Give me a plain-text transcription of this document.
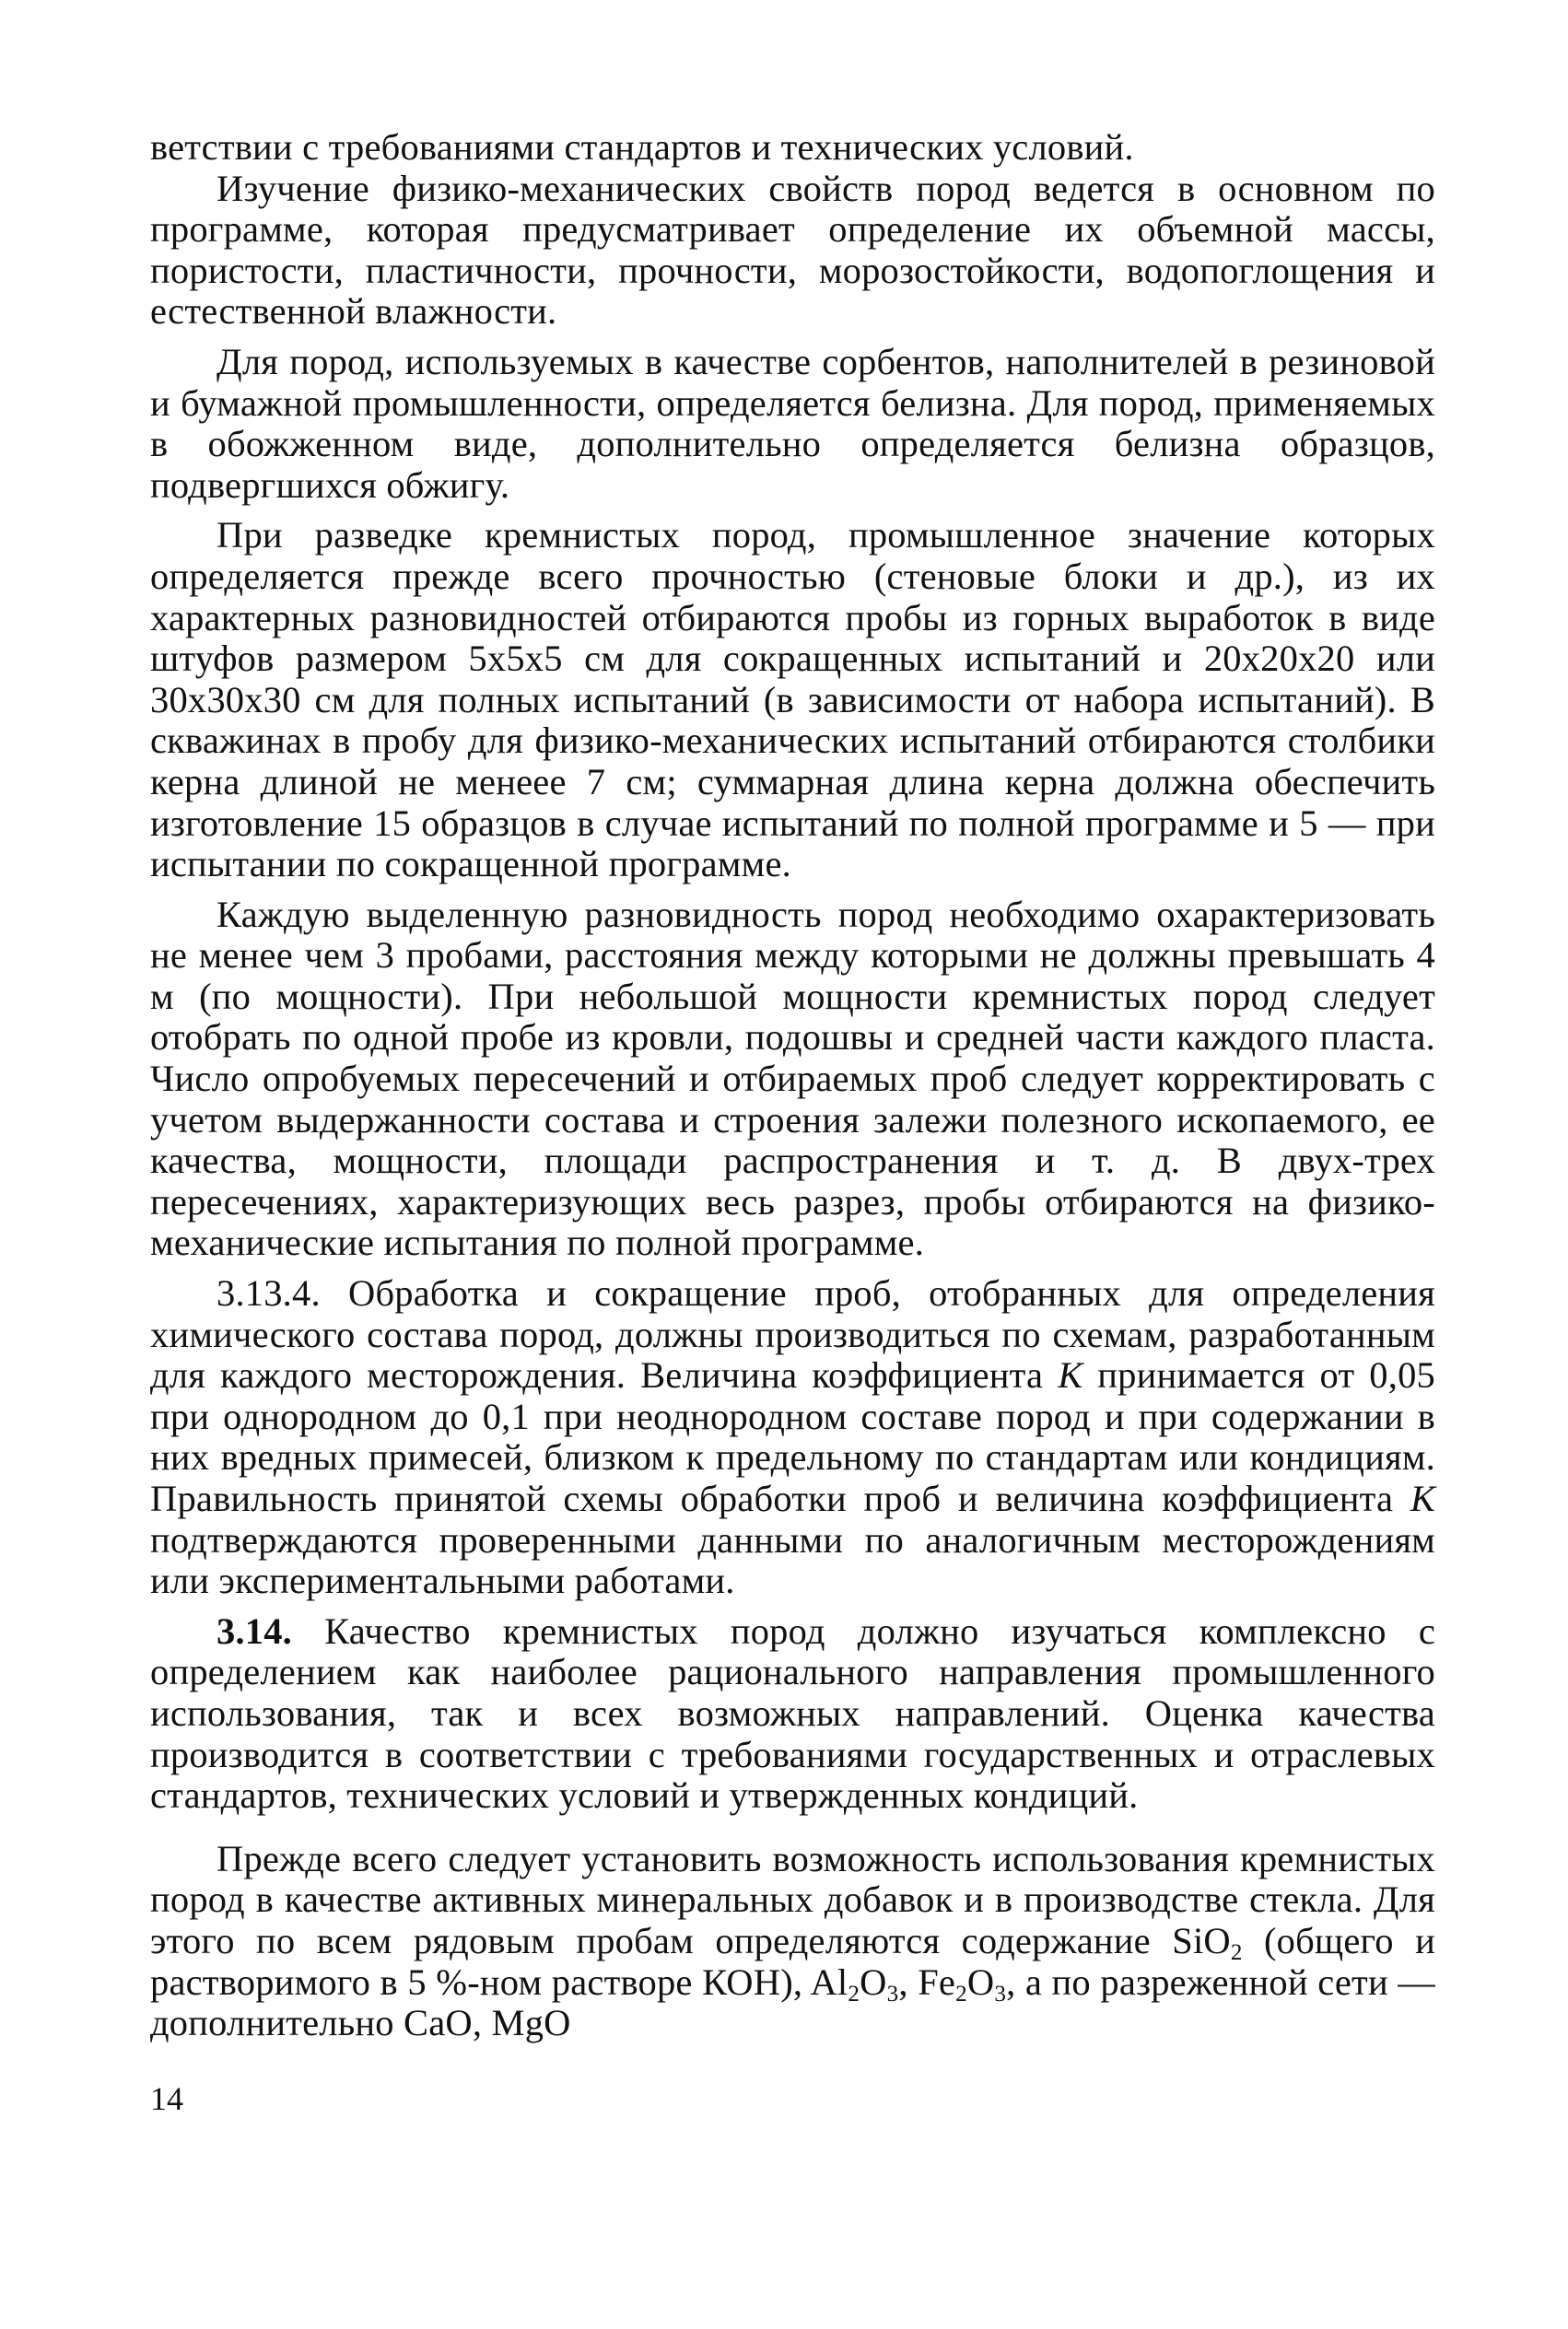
ветствии с требованиями стандартов и технических условий.

Изучение физико-механических свойств пород ведется в основном по программе, которая предусматривает определение их объемной массы, пористости, пластичности, прочности, морозостойкости, водопоглощения и естественной влажности.

Для пород, используемых в качестве сорбентов, наполнителей в резиновой и бумажной промышленности, определяется белизна. Для пород, применяемых в обожженном виде, дополнительно определяется белизна образцов, подвергшихся обжигу.

При разведке кремнистых пород, промышленное значение которых определяется прежде всего прочностью (стеновые блоки и др.), из их характерных разновидностей отбираются пробы из горных выработок в виде штуфов размером 5х5х5 см для сокращенных испытаний и 20х20х20 или 30х30х30 см для полных испытаний (в зависимости от набора испытаний). В скважинах в пробу для физико-механических испытаний отбираются столбики керна длиной не менеее 7 см; суммарная длина керна должна обеспечить изготовление 15 образцов в случае испытаний по полной программе и 5 — при испытании по сокращенной программе.

Каждую выделенную разновидность пород необходимо охарактеризовать не менее чем 3 пробами, расстояния между которыми не должны превышать 4 м (по мощности). При небольшой мощности кремнистых пород следует отобрать по одной пробе из кровли, подошвы и средней части каждого пласта. Число опробуемых пересечений и отбираемых проб следует корректировать с учетом выдержанности состава и строения залежи полезного ископаемого, ее качества, мощности, площади распространения и т. д. В двух-трех пересечениях, характеризующих весь разрез, пробы отбираются на физико-механические испытания по полной программе.

3.13.4. Обработка и сокращение проб, отобранных для определения химического состава пород, должны производиться по схемам, разработанным для каждого месторождения. Величина коэффициента К принимается от 0,05 при однородном до 0,1 при неоднородном составе пород и при содержании в них вредных примесей, близком к предельному по стандартам или кондициям. Правильность принятой схемы обработки проб и величина коэффициента К подтверждаются проверенными данными по аналогичным месторождениям или экспериментальными работами.

3.14. Качество кремнистых пород должно изучаться комплексно с определением как наиболее рационального направления промышленного использования, так и всех возможных направлений. Оценка качества производится в соответствии с требованиями государственных и отраслевых стандартов, технических условий и утвержденных кондиций.

Прежде всего следует установить возможность использования кремнистых пород в качестве активных минеральных добавок и в производстве стекла. Для этого по всем рядовым пробам определяются содержание SiO$_2$ (общего и растворимого в 5 %-ном растворе КОН), $Al_2O_3$, $Fe_2O_3$, а по разреженной сети — дополнительно CaO, MgO

14
